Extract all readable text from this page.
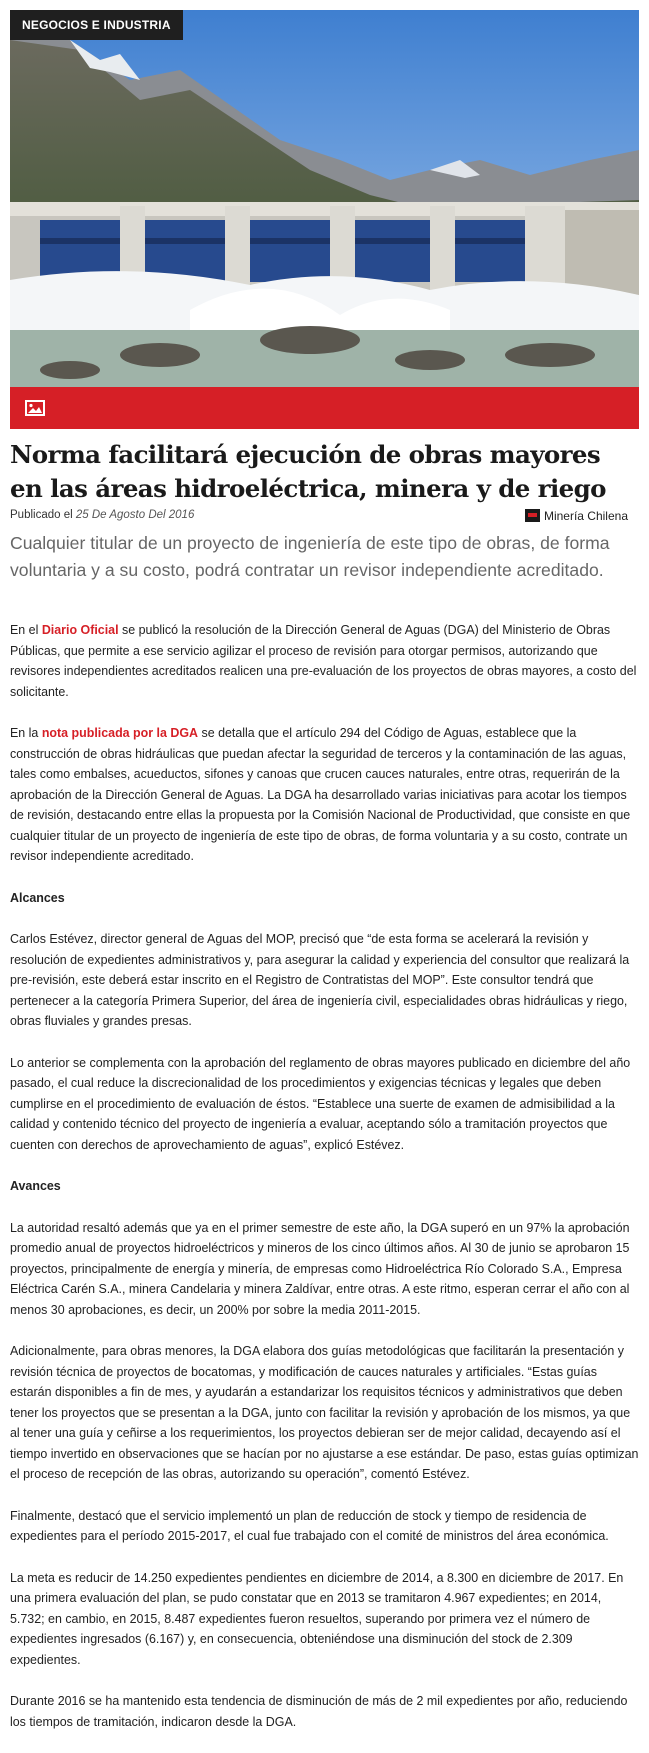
NEGOCIOS E INDUSTRIA
Norma facilitará ejecución de obras mayores en las áreas hidroeléctrica, minera y de riego
Publicado el 25 De Agosto Del 2016	Minería Chilena

Cualquier titular de un proyecto de ingeniería de este tipo de obras, de forma voluntaria y a su costo, podrá contratar un revisor independiente acreditado.

En el Diario Oficial se publicó la resolución de la Dirección General de Aguas (DGA) del Ministerio de Obras Públicas, que permite a ese servicio agilizar el proceso de revisión para otorgar permisos, autorizando que revisores independientes acreditados realicen una pre-evaluación de los proyectos de obras mayores, a costo del solicitante.

En la nota publicada por la DGA se detalla que el artículo 294 del Código de Aguas, establece que la construcción de obras hidráulicas que puedan afectar la seguridad de terceros y la contaminación de las aguas, tales como embalses, acueductos, sifones y canoas que crucen cauces naturales, entre otras, requerirán de la aprobación de la Dirección General de Aguas. La DGA ha desarrollado varias iniciativas para acotar los tiempos de revisión, destacando entre ellas la propuesta por la Comisión Nacional de Productividad, que consiste en que cualquier titular de un proyecto de ingeniería de este tipo de obras, de forma voluntaria y a su costo, contrate un revisor independiente acreditado.

Alcances

Carlos Estévez, director general de Aguas del MOP, precisó que “de esta forma se acelerará la revisión y resolución de expedientes administrativos y, para asegurar la calidad y experiencia del consultor que realizará la pre-revisión, este deberá estar inscrito en el Registro de Contratistas del MOP”. Este consultor tendrá que pertenecer a la categoría Primera Superior, del área de ingeniería civil, especialidades obras hidráulicas y riego, obras fluviales y grandes presas.

Lo anterior se complementa con la aprobación del reglamento de obras mayores publicado en diciembre del año pasado, el cual reduce la discrecionalidad de los procedimientos y exigencias técnicas y legales que deben cumplirse en el procedimiento de evaluación de éstos. “Establece una suerte de examen de admisibilidad a la calidad y contenido técnico del proyecto de ingeniería a evaluar, aceptando sólo a tramitación proyectos que cuenten con derechos de aprovechamiento de aguas”, explicó Estévez.

Avances

La autoridad resaltó además que ya en el primer semestre de este año, la DGA superó en un 97% la aprobación promedio anual de proyectos hidroeléctricos y mineros de los cinco últimos años. Al 30 de junio se aprobaron 15 proyectos, principalmente de energía y minería, de empresas como Hidroeléctrica Río Colorado S.A., Empresa Eléctrica Carén S.A., minera Candelaria y minera Zaldívar, entre otras. A este ritmo, esperan cerrar el año con al menos 30 aprobaciones, es decir, un 200% por sobre la media 2011-2015.

Adicionalmente, para obras menores, la DGA elabora dos guías metodológicas que facilitarán la presentación y revisión técnica de proyectos de bocatomas, y modificación de cauces naturales y artificiales. “Estas guías estarán disponibles a fin de mes, y ayudarán a estandarizar los requisitos técnicos y administrativos que deben tener los proyectos que se presentan a la DGA, junto con facilitar la revisión y aprobación de los mismos, ya que al tener una guía y ceñirse a los requerimientos, los proyectos debieran ser de mejor calidad, decayendo así el tiempo invertido en observaciones que se hacían por no ajustarse a ese estándar. De paso, estas guías optimizan el proceso de recepción de las obras, autorizando su operación”, comentó Estévez.

Finalmente, destacó que el servicio implementó un plan de reducción de stock y tiempo de residencia de expedientes para el período 2015-2017, el cual fue trabajado con el comité de ministros del área económica.

La meta es reducir de 14.250 expedientes pendientes en diciembre de 2014, a 8.300 en diciembre de 2017. En una primera evaluación del plan, se pudo constatar que en 2013 se tramitaron 4.967 expedientes; en 2014, 5.732; en cambio, en 2015, 8.487 expedientes fueron resueltos, superando por primera vez el número de expedientes ingresados (6.167) y, en consecuencia, obteniéndose una disminución del stock de 2.309 expedientes.

Durante 2016 se ha mantenido esta tendencia de disminución de más de 2 mil expedientes por año, reduciendo los tiempos de tramitación, indicaron desde la DGA.
